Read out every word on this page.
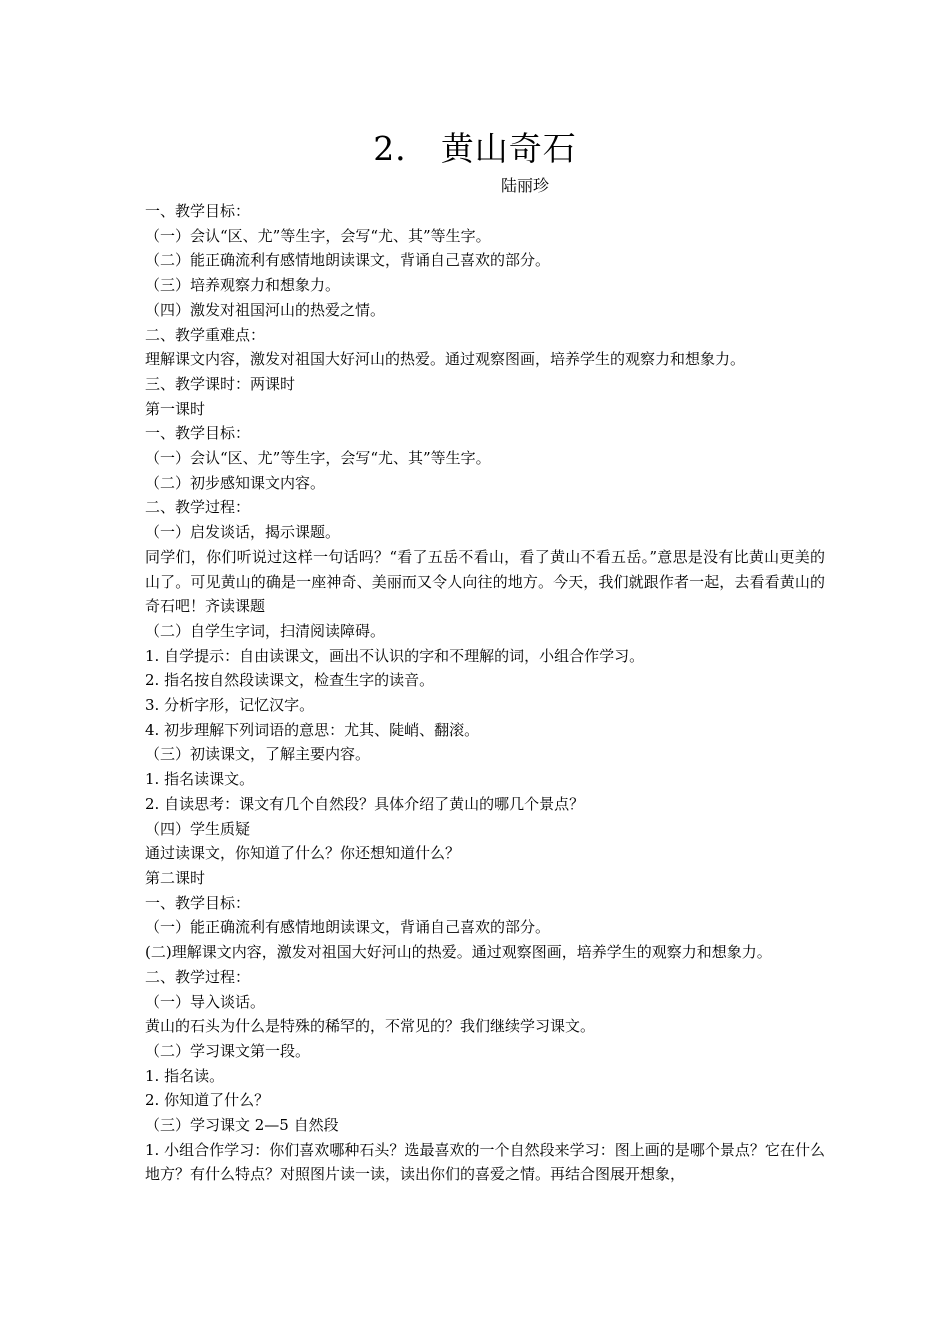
2． 黄山奇石
陆丽珍

一、教学目标：

（一）会认“区、尤”等生字，会写“尤、其”等生字。

（二）能正确流利有感情地朗读课文，背诵自己喜欢的部分。

（三）培养观察力和想象力。

（四）激发对祖国河山的热爱之情。

二、教学重难点：

理解课文内容，激发对祖国大好河山的热爱。通过观察图画，培养学生的观察力和想象力。

三、教学课时：两课时

第一课时

一、教学目标：

（一）会认“区、尤”等生字，会写“尤、其”等生字。

（二）初步感知课文内容。

二、教学过程：

（一）启发谈话，揭示课题。

同学们，你们听说过这样一句话吗？“看了五岳不看山，看了黄山不看五岳。”意思是没有比黄山更美的山了。可见黄山的确是一座神奇、美丽而又令人向往的地方。今天，我们就跟作者一起，去看看黄山的奇石吧！齐读课题

（二）自学生字词，扫清阅读障碍。

1. 自学提示：自由读课文，画出不认识的字和不理解的词，小组合作学习。

2. 指名按自然段读课文，检查生字的读音。

3. 分析字形，记忆汉字。

4. 初步理解下列词语的意思：尤其、陡峭、翻滚。

（三）初读课文，了解主要内容。

1. 指名读课文。

2. 自读思考：课文有几个自然段？具体介绍了黄山的哪几个景点？

（四）学生质疑

通过读课文，你知道了什么？你还想知道什么？

第二课时

一、教学目标：

（一）能正确流利有感情地朗读课文，背诵自己喜欢的部分。

(二)理解课文内容，激发对祖国大好河山的热爱。通过观察图画，培养学生的观察力和想象力。

二、教学过程：

（一）导入谈话。

黄山的石头为什么是特殊的稀罕的，不常见的？我们继续学习课文。

（二）学习课文第一段。

1. 指名读。

2. 你知道了什么？

（三）学习课文 2—5 自然段

1. 小组合作学习：你们喜欢哪种石头？选最喜欢的一个自然段来学习：图上画的是哪个景点？它在什么地方？有什么特点？对照图片读一读，读出你们的喜爱之情。再结合图展开想象，
